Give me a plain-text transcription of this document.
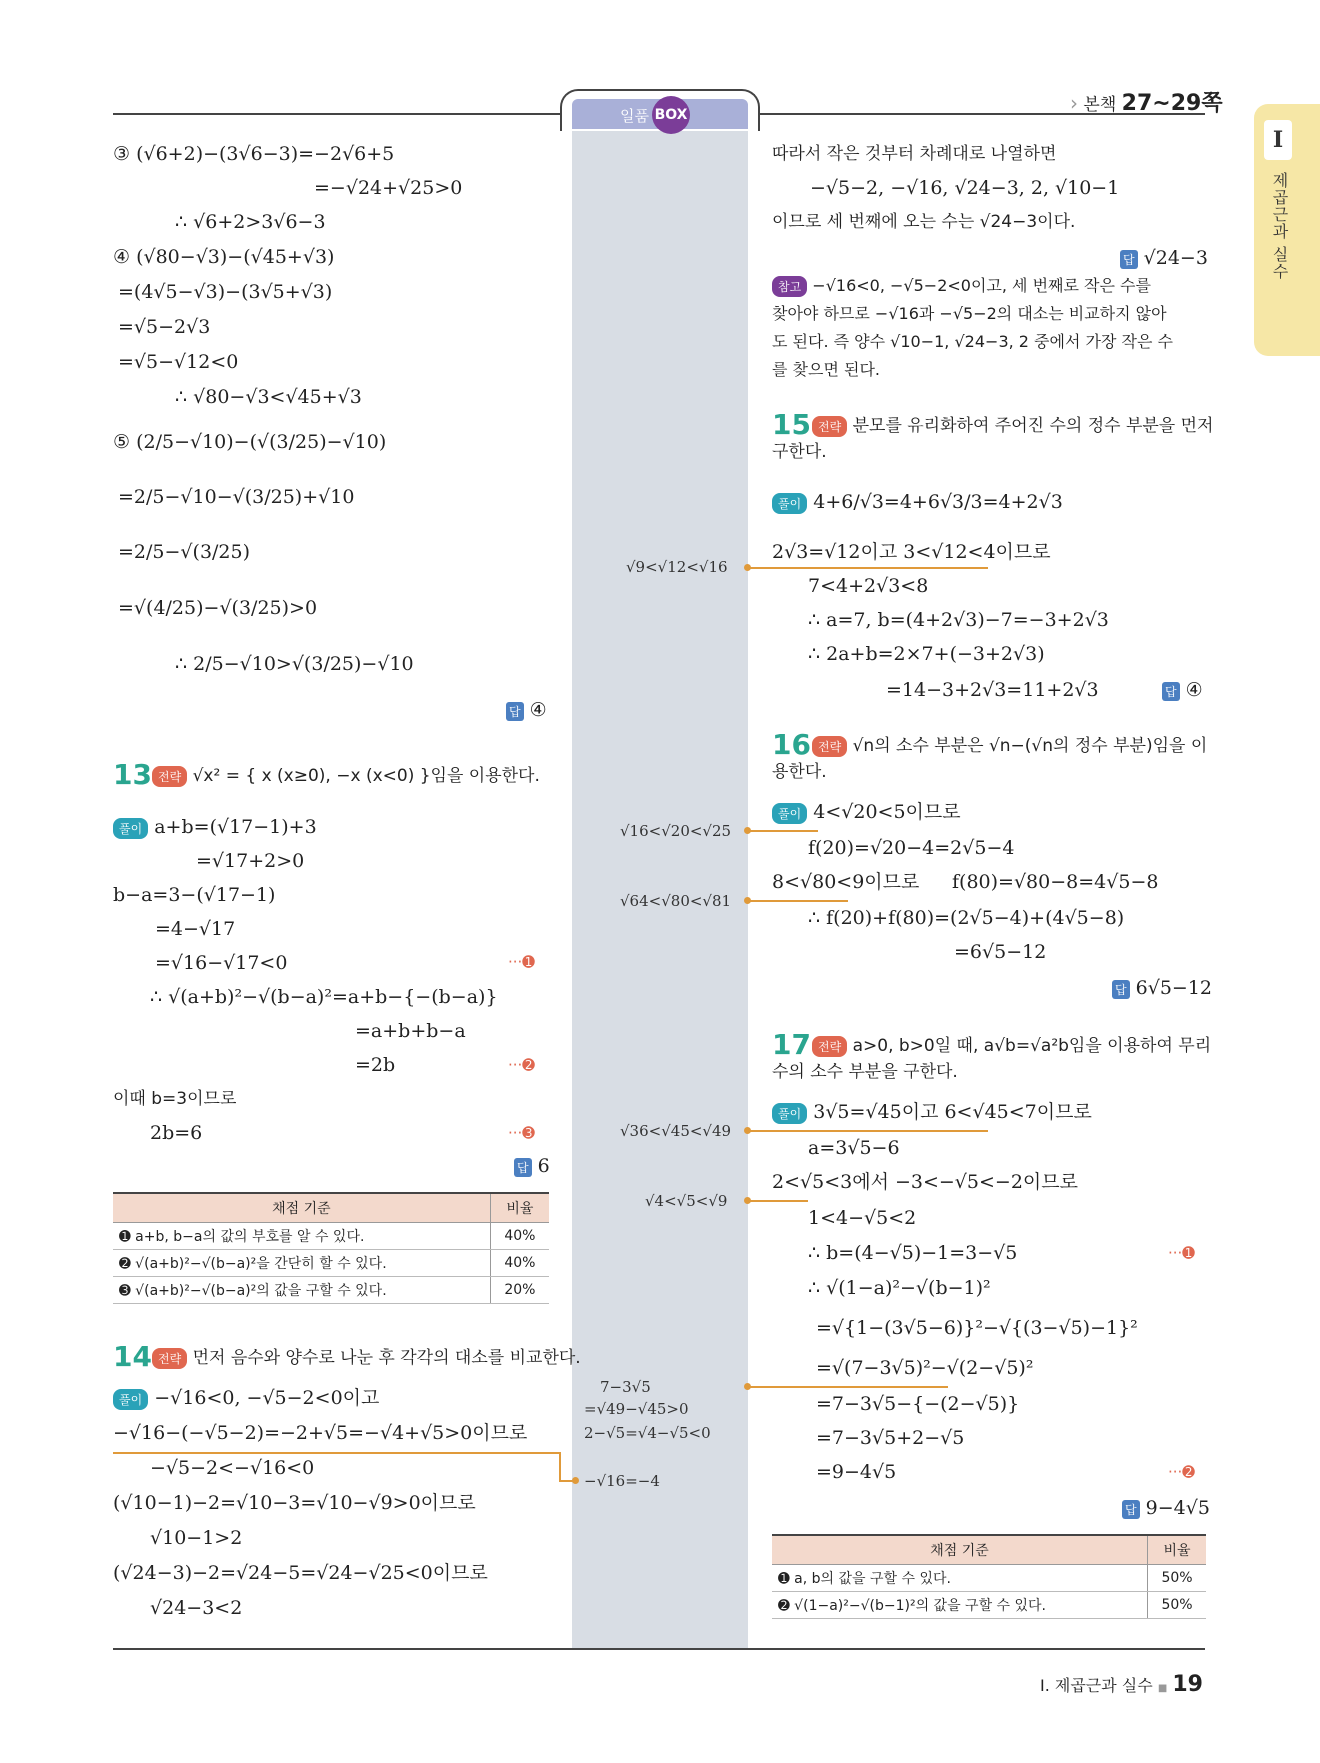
일품 BOX	› 본책 27~29쪽
I
제곱근과 실수
③ (√6+2)−(3√6−3)=−2√6+5
=−√24+√25>0
∴ √6+2>3√6−3
④ (√80−√3)−(√45+√3)
=(4√5−√3)−(3√5+√3)
=√5−2√3
=√5−√12<0
∴ √80−√3<√45+√3
⑤ (2/5−√10)−(√(3/25)−√10)
=2/5−√10−√(3/25)+√10
=2/5−√(3/25)
=√(4/25)−√(3/25)>0
∴ 2/5−√10>√(3/25)−√10
답 ④
13 전략 √x² = { x (x≥0), −x (x<0) }임을 이용한다.
풀이 a+b=(√17−1)+3
=√17+2>0
b−a=3−(√17−1)
=4−√17
=√16−√17<0	···➊
∴ √(a+b)²−√(b−a)²=a+b−{−(b−a)}
=a+b+b−a
=2b	···➋
이때 b=3이므로
2b=6	···➌
답 6
채점 기준	비율
➊ a+b, b−a의 값의 부호를 알 수 있다.	40%
➋ √(a+b)²−√(b−a)²을 간단히 할 수 있다.	40%
➌ √(a+b)²−√(b−a)²의 값을 구할 수 있다.	20%
14 전략 먼저 음수와 양수로 나눈 후 각각의 대소를 비교한다.
풀이 −√16<0, −√5−2<0이고
−√16−(−√5−2)=−2+√5=−√4+√5>0이므로
−√5−2<−√16<0
(√10−1)−2=√10−3=√10−√9>0이므로
√10−1>2
(√24−3)−2=√24−5=√24−√25<0이므로
√24−3<2
√9<√12<√16
√16<√20<√25
√64<√80<√81
√36<√45<√49
√4<√5<√9
7−3√5
=√49−√45>0
2−√5=√4−√5<0
−√16=−4
따라서 작은 것부터 차례대로 나열하면
−√5−2, −√16, √24−3, 2, √10−1
이므로 세 번째에 오는 수는 √24−3이다.
답 √24−3
참고 −√16<0, −√5−2<0이고, 세 번째로 작은 수를
찾아야 하므로 −√16과 −√5−2의 대소는 비교하지 않아
도 된다. 즉 양수 √10−1, √24−3, 2 중에서 가장 작은 수
를 찾으면 된다.
15 전략 분모를 유리화하여 주어진 수의 정수 부분을 먼저
구한다.
풀이 4+6/√3=4+6√3/3=4+2√3
2√3=√12이고 3<√12<4이므로
7<4+2√3<8
∴ a=7, b=(4+2√3)−7=−3+2√3
∴ 2a+b=2×7+(−3+2√3)
=14−3+2√3=11+2√3	답 ④
16 전략 √n의 소수 부분은 √n−(√n의 정수 부분)임을 이
용한다.
풀이 4<√20<5이므로
f(20)=√20−4=2√5−4
8<√80<9이므로 f(80)=√80−8=4√5−8
∴ f(20)+f(80)=(2√5−4)+(4√5−8)
=6√5−12
답 6√5−12
17 전략 a>0, b>0일 때, a√b=√a²b임을 이용하여 무리
수의 소수 부분을 구한다.
풀이 3√5=√45이고 6<√45<7이므로
a=3√5−6
2<√5<3에서 −3<−√5<−2이므로
1<4−√5<2
∴ b=(4−√5)−1=3−√5	···➊
∴ √(1−a)²−√(b−1)²
=√{1−(3√5−6)}²−√{(3−√5)−1}²
=√(7−3√5)²−√(2−√5)²
=7−3√5−{−(2−√5)}
=7−3√5+2−√5
=9−4√5	···➋
답 9−4√5
채점 기준	비율
➊ a, b의 값을 구할 수 있다.	50%
➋ √(1−a)²−√(b−1)²의 값을 구할 수 있다.	50%
I. 제곱근과 실수 ■ 19
